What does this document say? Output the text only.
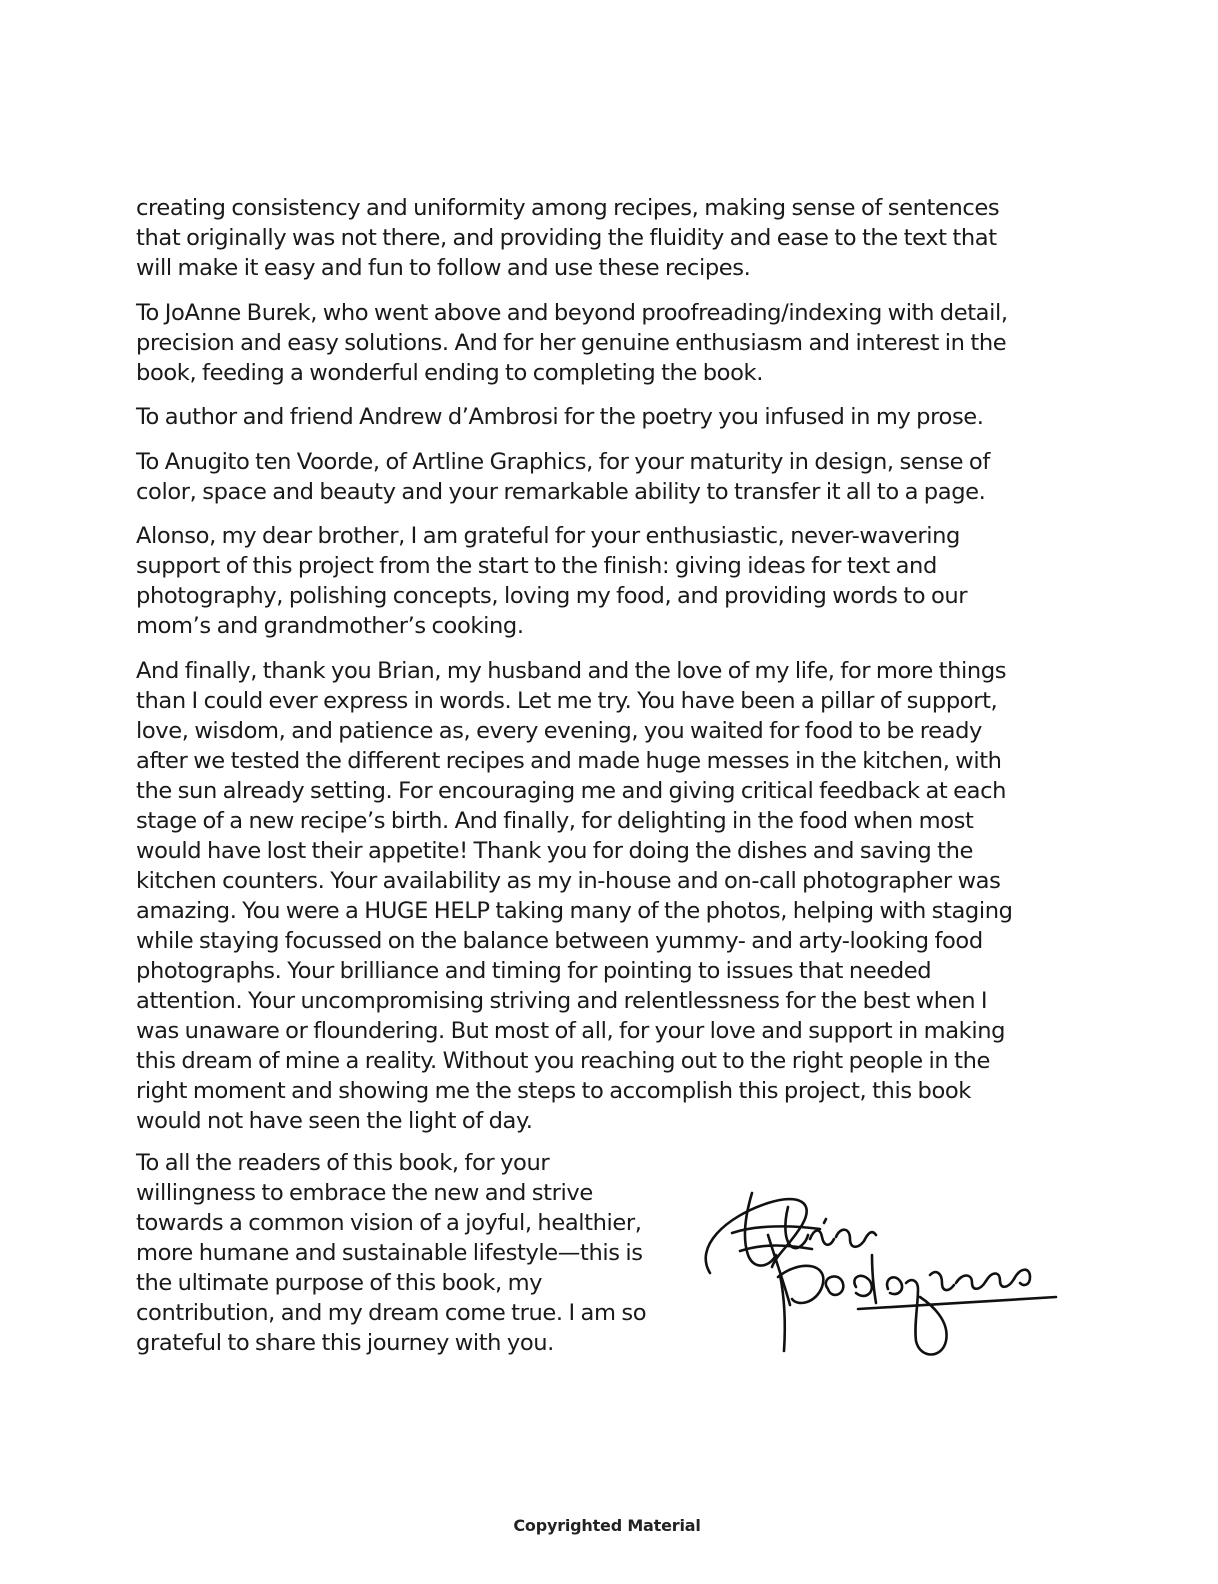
creating consistency and uniformity among recipes, making sense of sentences
that originally was not there, and providing the fluidity and ease to the text that
will make it easy and fun to follow and use these recipes.

To JoAnne Burek, who went above and beyond proofreading/indexing with detail,
precision and easy solutions. And for her genuine enthusiasm and interest in the
book, feeding a wonderful ending to completing the book.

To author and friend Andrew d’Ambrosi for the poetry you infused in my prose.

To Anugito ten Voorde, of Artline Graphics, for your maturity in design, sense of
color, space and beauty and your remarkable ability to transfer it all to a page.

Alonso, my dear brother, I am grateful for your enthusiastic, never-wavering
support of this project from the start to the finish: giving ideas for text and
photography, polishing concepts, loving my food, and providing words to our
mom’s and grandmother’s cooking.

And finally, thank you Brian, my husband and the love of my life, for more things
than I could ever express in words. Let me try. You have been a pillar of support,
love, wisdom, and patience as, every evening, you waited for food to be ready
after we tested the different recipes and made huge messes in the kitchen, with
the sun already setting. For encouraging me and giving critical feedback at each
stage of a new recipe’s birth. And finally, for delighting in the food when most
would have lost their appetite! Thank you for doing the dishes and saving the
kitchen counters. Your availability as my in-house and on-call photographer was
amazing. You were a HUGE HELP taking many of the photos, helping with staging
while staying focussed on the balance between yummy- and arty-looking food
photographs. Your brilliance and timing for pointing to issues that needed
attention. Your uncompromising striving and relentlessness for the best when I
was unaware or floundering. But most of all, for your love and support in making
this dream of mine a reality. Without you reaching out to the right people in the
right moment and showing me the steps to accomplish this project, this book
would not have seen the light of day.

To all the readers of this book, for your
willingness to embrace the new and strive
towards a common vision of a joyful, healthier,
more humane and sustainable lifestyle—this is
the ultimate purpose of this book, my
contribution, and my dream come true. I am so
grateful to share this journey with you.

Copyrighted Material
